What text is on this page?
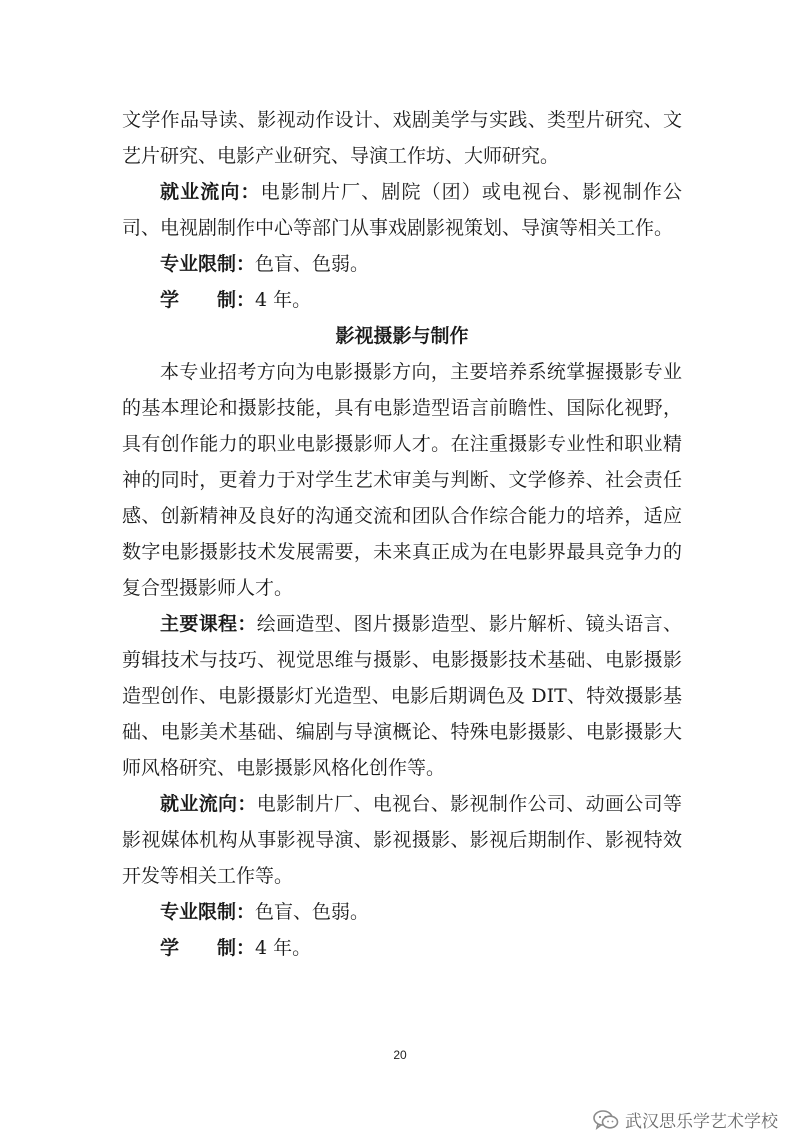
文学作品导读、影视动作设计、戏剧美学与实践、类型片研究、文艺片研究、电影产业研究、导演工作坊、大师研究。

就业流向：电影制片厂、剧院（团）或电视台、影视制作公司、电视剧制作中心等部门从事戏剧影视策划、导演等相关工作。

专业限制：色盲、色弱。

学制：4 年。

影视摄影与制作

本专业招考方向为电影摄影方向，主要培养系统掌握摄影专业的基本理论和摄影技能，具有电影造型语言前瞻性、国际化视野，具有创作能力的职业电影摄影师人才。在注重摄影专业性和职业精神的同时，更着力于对学生艺术审美与判断、文学修养、社会责任感、创新精神及良好的沟通交流和团队合作综合能力的培养，适应数字电影摄影技术发展需要，未来真正成为在电影界最具竞争力的复合型摄影师人才。

主要课程：绘画造型、图片摄影造型、影片解析、镜头语言、剪辑技术与技巧、视觉思维与摄影、电影摄影技术基础、电影摄影造型创作、电影摄影灯光造型、电影后期调色及 DIT、特效摄影基础、电影美术基础、编剧与导演概论、特殊电影摄影、电影摄影大师风格研究、电影摄影风格化创作等。

就业流向：电影制片厂、电视台、影视制作公司、动画公司等影视媒体机构从事影视导演、影视摄影、影视后期制作、影视特效开发等相关工作等。

专业限制：色盲、色弱。

学制：4 年。

20
武汉思乐学艺术学校
